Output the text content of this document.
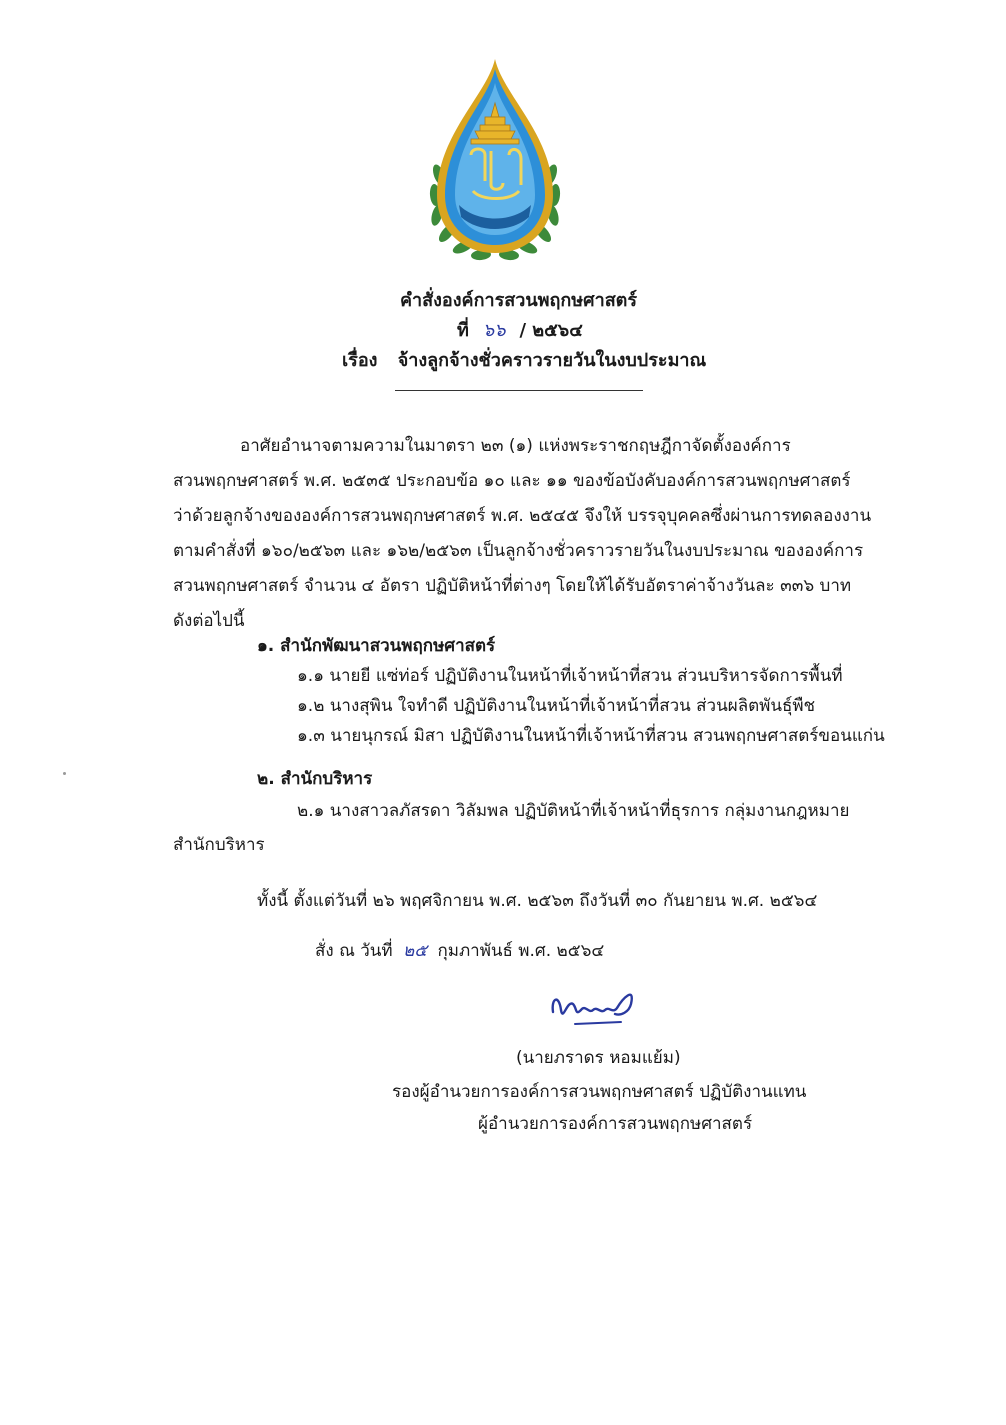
คำสั่งองค์การสวนพฤกษศาสตร์
ที่ ๖๖ / ๒๕๖๔
เรื่อง จ้างลูกจ้างชั่วคราวรายวันในงบประมาณ
อาศัยอำนาจตามความในมาตรา ๒๓ (๑) แห่งพระราชกฤษฎีกาจัดตั้งองค์การ
สวนพฤกษศาสตร์ พ.ศ. ๒๕๓๕ ประกอบข้อ ๑๐ และ ๑๑ ของข้อบังคับองค์การสวนพฤกษศาสตร์
ว่าด้วยลูกจ้างขององค์การสวนพฤกษศาสตร์ พ.ศ. ๒๕๔๕ จึงให้ บรรจุบุคคลซึ่งผ่านการทดลองงาน
ตามคำสั่งที่ ๑๖๐/๒๕๖๓ และ ๑๖๒/๒๕๖๓ เป็นลูกจ้างชั่วคราวรายวันในงบประมาณ ขององค์การ
สวนพฤกษศาสตร์ จำนวน ๔ อัตรา ปฏิบัติหน้าที่ต่างๆ โดยให้ได้รับอัตราค่าจ้างวันละ ๓๓๖ บาท
ดังต่อไปนี้
๑. สำนักพัฒนาสวนพฤกษศาสตร์
๑.๑ นายยี แซ่ท่อร์ ปฏิบัติงานในหน้าที่เจ้าหน้าที่สวน ส่วนบริหารจัดการพื้นที่
๑.๒ นางสุพิน ใจทำดี ปฏิบัติงานในหน้าที่เจ้าหน้าที่สวน ส่วนผลิตพันธุ์พืช
๑.๓ นายนุกรณ์ มิสา ปฏิบัติงานในหน้าที่เจ้าหน้าที่สวน สวนพฤกษศาสตร์ขอนแก่น
๒. สำนักบริหาร
๒.๑ นางสาวลภัสรดา วิลัมพล ปฏิบัติหน้าที่เจ้าหน้าที่ธุรการ กลุ่มงานกฎหมาย
สำนักบริหาร
ทั้งนี้ ตั้งแต่วันที่ ๒๖ พฤศจิกายน พ.ศ. ๒๕๖๓ ถึงวันที่ ๓๐ กันยายน พ.ศ. ๒๕๖๔
สั่ง ณ วันที่ ๒๕ กุมภาพันธ์ พ.ศ. ๒๕๖๔
(นายภราดร หอมแย้ม)
รองผู้อำนวยการองค์การสวนพฤกษศาสตร์ ปฏิบัติงานแทน
ผู้อำนวยการองค์การสวนพฤกษศาสตร์
